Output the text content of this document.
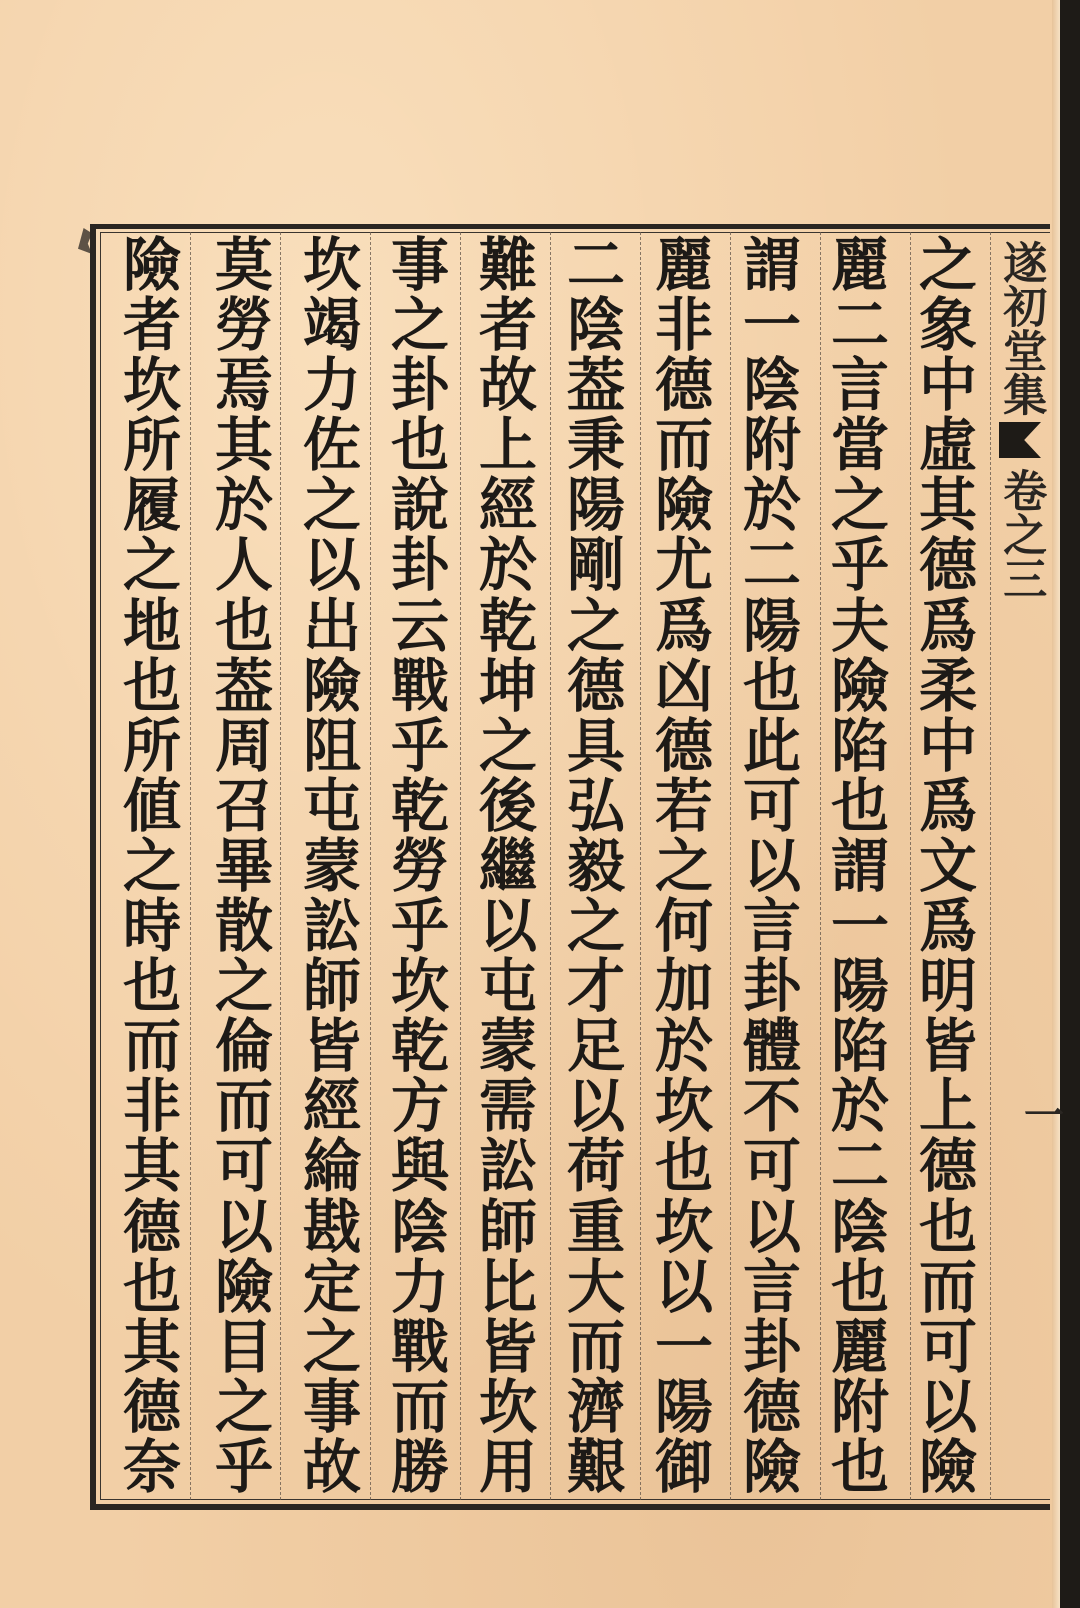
之
象
中
虛
其
德
爲
柔
中
爲
文
爲
明
皆
上
德
也
而
可
以
險
麗
二
言
當
之
乎
夫
險
陷
也
謂
一
陽
陷
於
二
陰
也
麗
附
也
謂
一
陰
附
於
二
陽
也
此
可
以
言
卦
體
不
可
以
言
卦
德
險
麗
非
德
而
險
尤
爲
凶
德
若
之
何
加
於
坎
也
坎
以
一
陽
御
二
陰
葢
秉
陽
剛
之
德
具
弘
毅
之
才
足
以
荷
重
大
而
濟
艱
難
者
故
上
經
於
乾
坤
之
後
繼
以
屯
蒙
需
訟
師
比
皆
坎
用
事
之
卦
也
說
卦
云
戰
乎
乾
勞
乎
坎
乾
方
與
陰
力
戰
而
勝
坎
竭
力
佐
之
以
出
險
阻
屯
蒙
訟
師
皆
經
綸
戡
定
之
事
故
莫
勞
焉
其
於
人
也
葢
周
召
畢
散
之
倫
而
可
以
險
目
之
乎
險
者
坎
所
履
之
地
也
所
値
之
時
也
而
非
其
德
也
其
德
奈
遂初堂集
卷之三
一
